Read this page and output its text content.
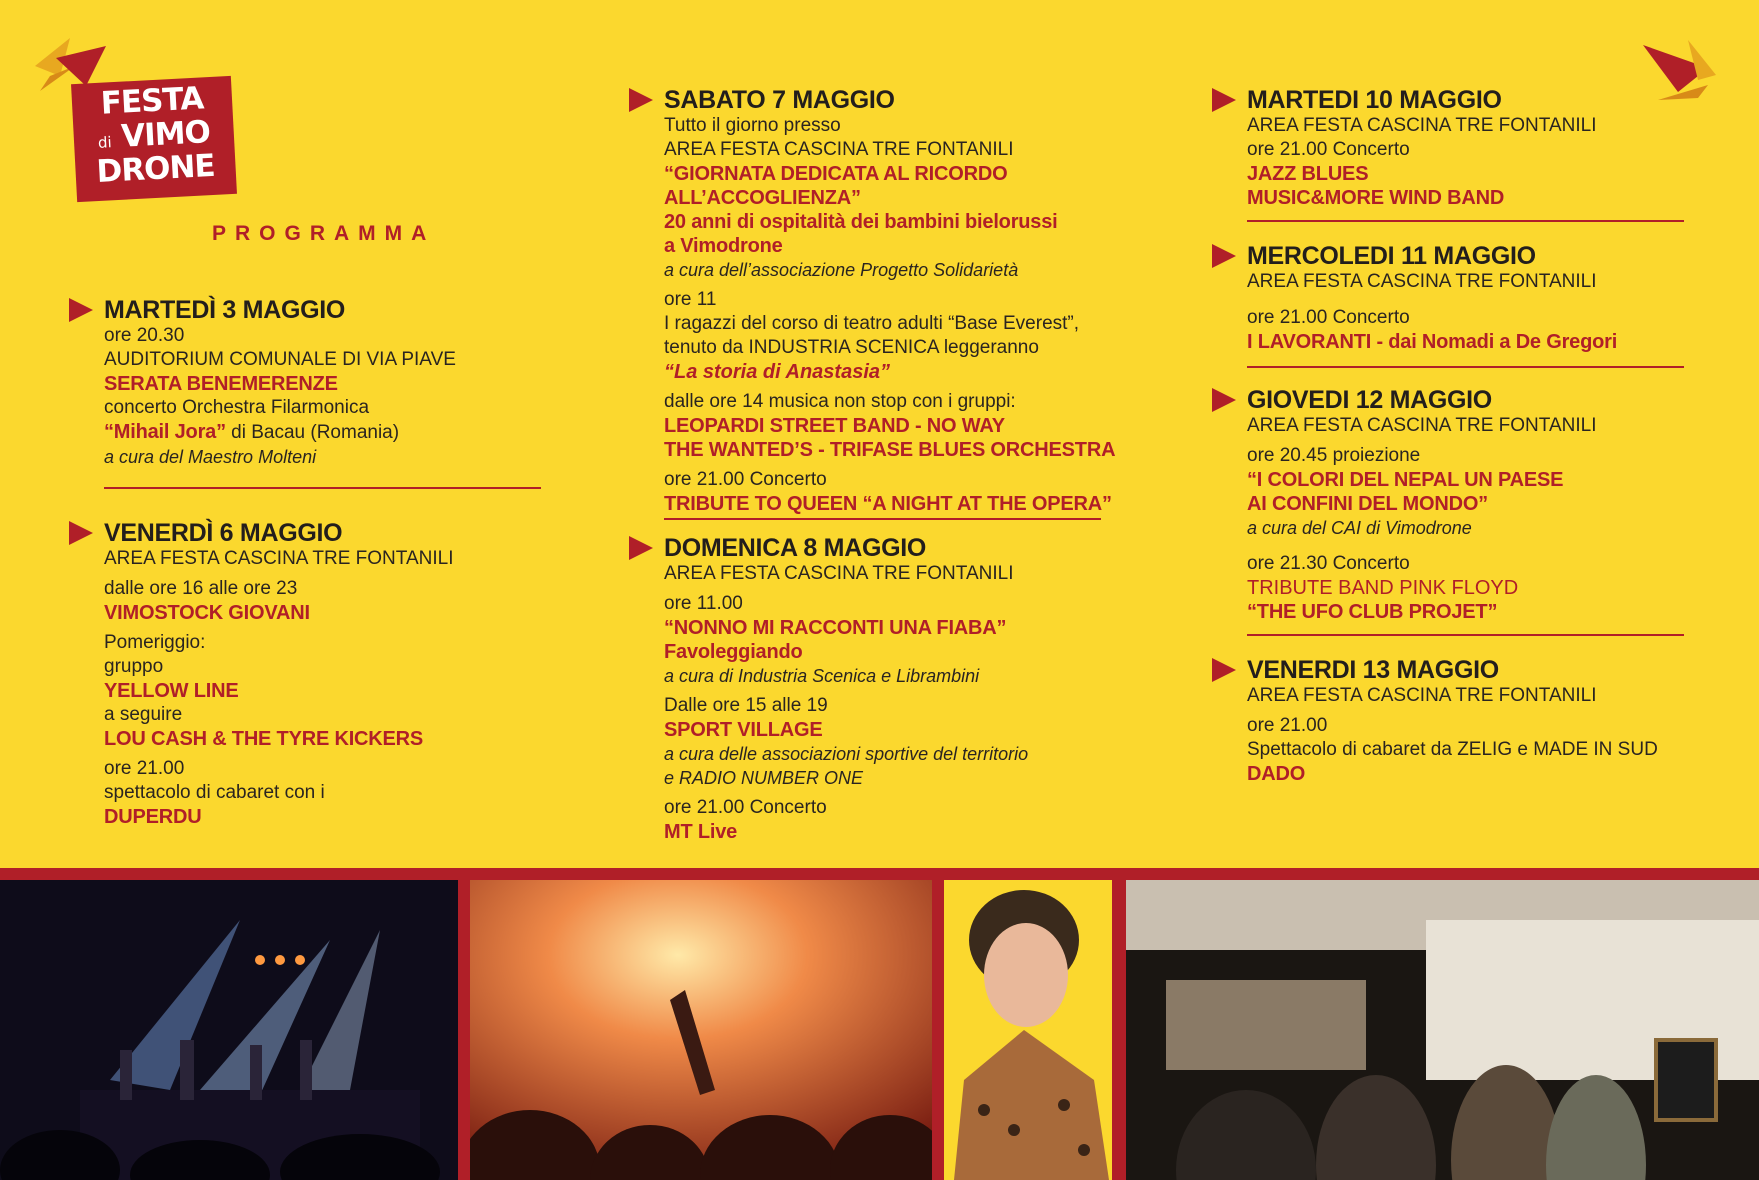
FESTA
di VIMO
DRONE
PROGRAMMA
MARTEDÌ 3 MAGGIO
ore 20.30
AUDITORIUM COMUNALE DI VIA PIAVE
SERATA BENEMERENZE
concerto Orchestra Filarmonica
“Mihail Jora” di Bacau (Romania)
a cura del Maestro Molteni
VENERDÌ 6 MAGGIO
AREA FESTA CASCINA TRE FONTANILI
dalle ore 16 alle ore 23
VIMOSTOCK GIOVANI
Pomeriggio:
gruppo
YELLOW LINE
a seguire
LOU CASH & THE TYRE KICKERS
ore 21.00
spettacolo di cabaret con i
DUPERDU
SABATO 7 MAGGIO
Tutto il giorno presso
AREA FESTA CASCINA TRE FONTANILI
“GIORNATA DEDICATA AL RICORDO
ALL’ACCOGLIENZA”
20 anni di ospitalità dei bambini bielorussi
a Vimodrone
a cura dell’associazione Progetto Solidarietà
ore 11
I ragazzi del corso di teatro adulti “Base Everest”,
tenuto da INDUSTRIA SCENICA leggeranno
“La storia di Anastasia”
dalle ore 14 musica non stop con i gruppi:
LEOPARDI STREET BAND - NO WAY
THE WANTED’S - TRIFASE BLUES ORCHESTRA
ore 21.00 Concerto
TRIBUTE TO QUEEN “A NIGHT AT THE OPERA”
DOMENICA 8 MAGGIO
AREA FESTA CASCINA TRE FONTANILI
ore 11.00
“NONNO MI RACCONTI UNA FIABA”
Favoleggiando
a cura di Industria Scenica e Librambini
Dalle ore 15 alle 19
SPORT VILLAGE
a cura delle associazioni sportive del territorio
e RADIO NUMBER ONE
ore 21.00 Concerto
MT Live
MARTEDI 10 MAGGIO
AREA FESTA CASCINA TRE FONTANILI
ore 21.00 Concerto
JAZZ BLUES
MUSIC&MORE WIND BAND
MERCOLEDI 11 MAGGIO
AREA FESTA CASCINA TRE FONTANILI
ore 21.00 Concerto
I LAVORANTI - dai Nomadi a De Gregori
GIOVEDI 12 MAGGIO
AREA FESTA CASCINA TRE FONTANILI
ore 20.45 proiezione
“I COLORI DEL NEPAL UN PAESE
AI CONFINI DEL MONDO”
a cura del CAI di Vimodrone
ore 21.30 Concerto
TRIBUTE BAND PINK FLOYD
“THE UFO CLUB PROJET”
VENERDI 13 MAGGIO
AREA FESTA CASCINA TRE FONTANILI
ore 21.00
Spettacolo di cabaret da ZELIG e MADE IN SUD
DADO
